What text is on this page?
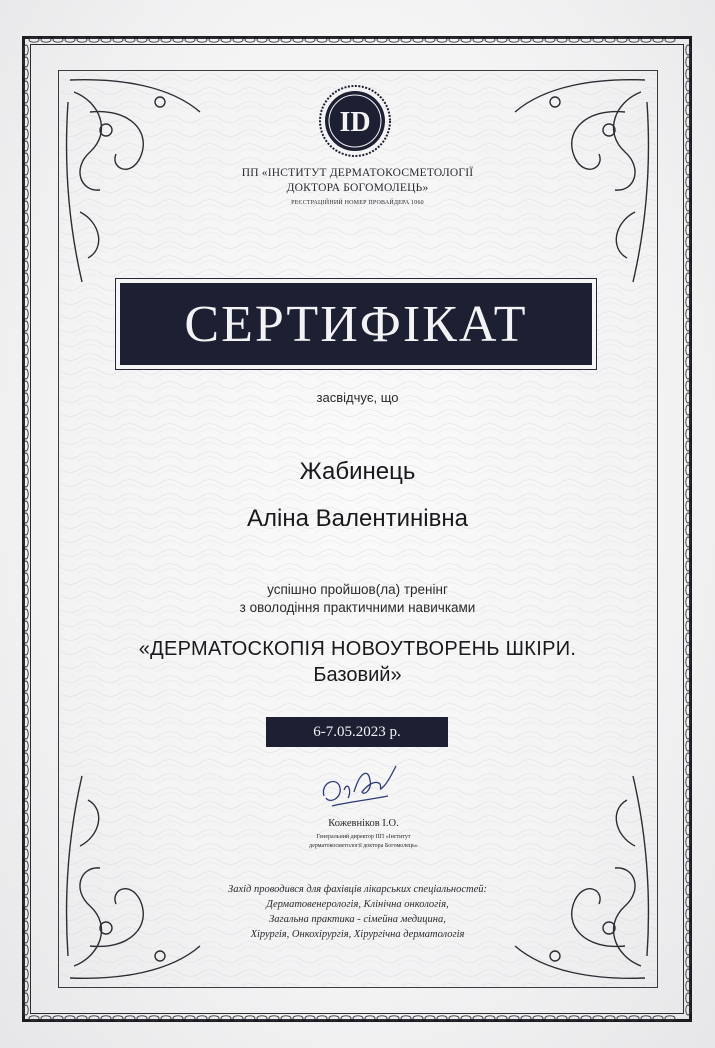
ID
ПП «ІНСТИТУТ ДЕРМАТОКОСМЕТОЛОГІЇ
ДОКТОРА БОГОМОЛЕЦЬ»
РЕЄСТРАЦІЙНИЙ НОМЕР ПРОВАЙДЕРА 1060
СЕРТИФІКАТ
засвідчує, що
Жабинець
Аліна Валентинівна
успішно пройшов(ла) тренінг
з оволодіння практичними навичками
«ДЕРМАТОСКОПІЯ НОВОУТВОРЕНЬ ШКІРИ.
Базовий»
6-7.05.2023 р.
Кожевніков І.О.
Генеральний директор ПП «Інститут
дерматокосметології доктора Богомолець»
Захід проводився для фахівців лікарських спеціальностей:
Дерматовенерологія, Клінічна онкологія,
Загальна практика - сімейна медицина,
Хірургія, Онкохірургія, Хірургічна дерматологія
